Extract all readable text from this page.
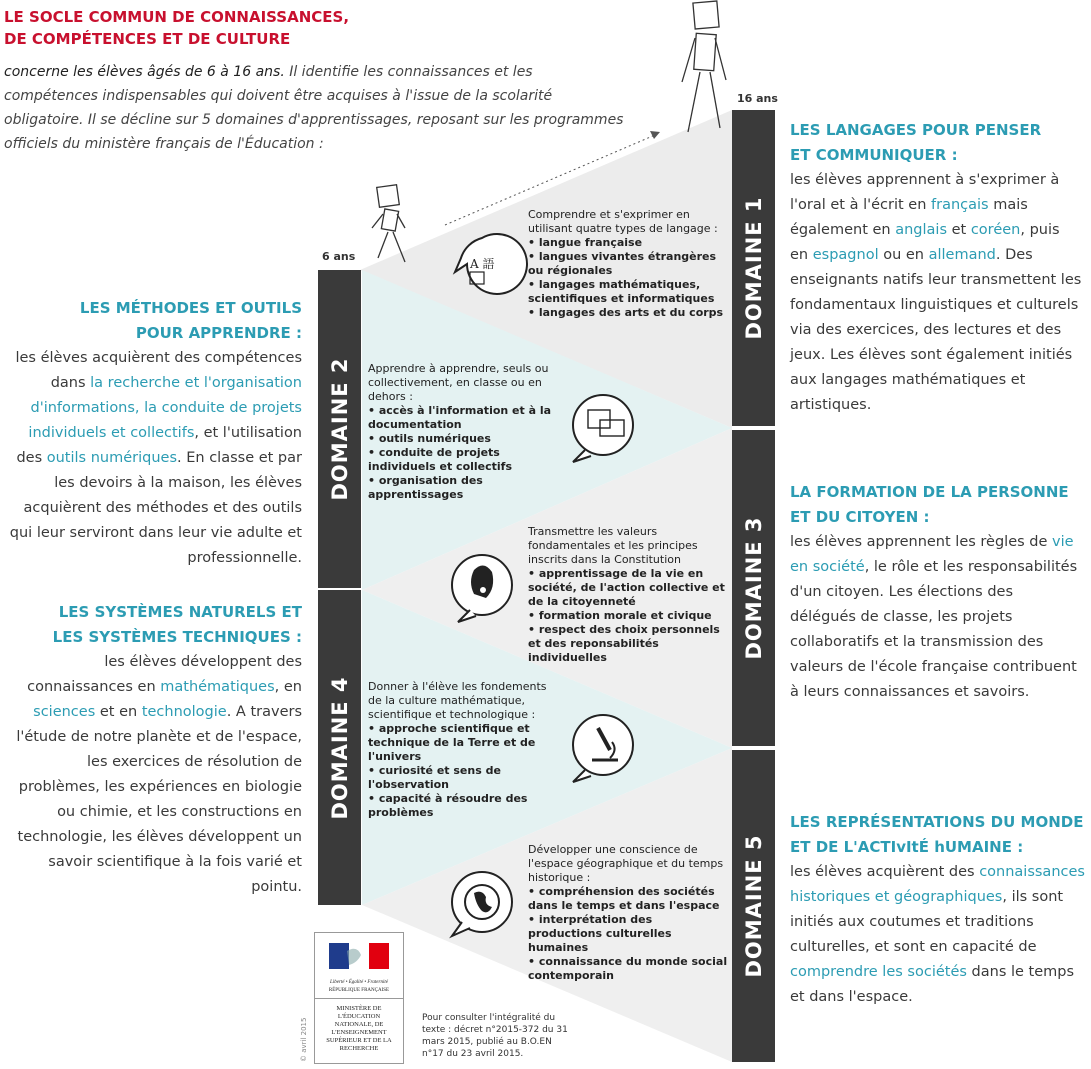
LE SOCLE COMMUN DE CONNAISSANCES,
DE COMPÉTENCES ET DE CULTURE

concerne les élèves âgés de 6 à 16 ans. Il identifie les connaissances et les compétences indispensables qui doivent être acquises à l'issue de la scolarité obligatoire. Il se décline sur 5 domaines d'apprentissages, reposant sur les programmes officiels du ministère français de l'Éducation :

A 語
6 ans
16 ans
DOMAINE 1
DOMAINE 3
DOMAINE 5
DOMAINE 2
DOMAINE 4
Comprendre et s'exprimer en utilisant quatre types de langage :
• langue française
• langues vivantes étrangères ou régionales
• langages mathématiques, scientifiques et informatiques
• langages des arts et du corps
Apprendre à apprendre, seuls ou collectivement, en classe ou en dehors :
• accès à l'information et à la documentation
• outils numériques
• conduite de projets individuels et collectifs
• organisation des apprentissages
Transmettre les valeurs fondamentales et les principes inscrits dans la Constitution
• apprentissage de la vie en société, de l'action collective et de la citoyenneté
• formation morale et civique
• respect des choix personnels et des reponsabilités individuelles
Donner à l'élève les fondements de la culture mathématique, scientifique et technologique :
• approche scientifique et technique de la Terre et de l'univers
• curiosité et sens de l'observation
• capacité à résoudre des problèmes
Développer une conscience de l'espace géographique et du temps historique :
• compréhension des sociétés dans le temps et dans l'espace
• interprétation des productions culturelles humaines
• connaissance du monde social contemporain
LES LANGAGES POUR PENSER
ET COMMUNIQUER :
les élèves apprennent à s'exprimer à l'oral et à l'écrit en français mais également en anglais et coréen, puis en espagnol ou en allemand. Des enseignants natifs leur transmettent les fondamentaux linguistiques et culturels via des exercices, des lectures et des jeux. Les élèves sont également initiés aux langages mathématiques et artistiques.
LA FORMATION DE LA PERSONNE
ET DU CITOYEN :
les élèves apprennent les règles de vie en société, le rôle et les responsabilités d'un citoyen. Les élections des délégués de classe, les projets collaboratifs et la transmission des valeurs de l'école française contribuent à leurs connaissances et savoirs.
LES REPRÉSENTATIONS DU MONDE
ET DE L'ACTIvItÉ hUMAINE :
les élèves acquièrent des connaissances historiques et géographiques, ils sont initiés aux coutumes et traditions culturelles, et sont en capacité de comprendre les sociétés dans le temps et dans l'espace.
LES MÉTHODES ET OUTILS
POUR APPRENDRE :
les élèves acquièrent des compétences dans la recherche et l'organisation d'informations, la conduite de projets individuels et collectifs, et l'utilisation des outils numériques. En classe et par les devoirs à la maison, les élèves acquièrent des méthodes et des outils qui leur serviront dans leur vie adulte et professionnelle.
LES SYSTÈMES NATURELS ET
LES SYSTÈMES TECHNIQUES :
les élèves développent des connaissances en mathématiques, en sciences et en technologie. A travers l'étude de notre planète et de l'espace, les exercices de résolution de problèmes, les expériences en biologie ou chimie, et les constructions en technologie, les élèves développent un savoir scientifique à la fois varié et pointu.
Liberté • Égalité • Fraternité
RÉPUBLIQUE FRANÇAISE
MINISTÈRE DE L'ÉDUCATION NATIONALE, DE L'ENSEIGNEMENT SUPÉRIEUR ET DE LA RECHERCHE
© avril 2015	Pour consulter l'intégralité du texte : décret n°2015-372 du 31 mars 2015, publié au B.O.EN n°17 du 23 avril 2015.
